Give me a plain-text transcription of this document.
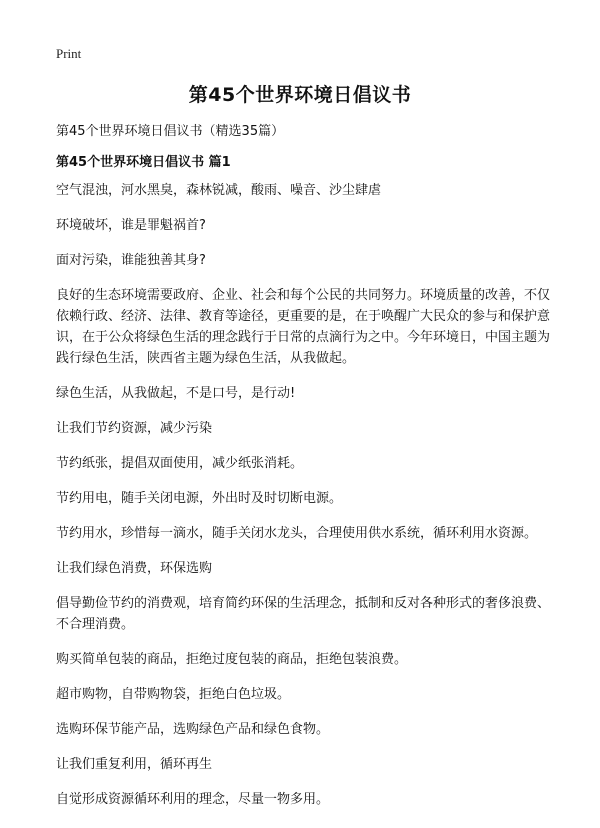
Print
第45个世界环境日倡议书

第45个世界环境日倡议书（精选35篇）

第45个世界环境日倡议书 篇1

空气混浊，河水黑臭，森林锐减，酸雨、噪音、沙尘肆虐

环境破坏，谁是罪魁祸首?

面对污染，谁能独善其身?

良好的生态环境需要政府、企业、社会和每个公民的共同努力。环境质量的改善，不仅依赖行政、经济、法律、教育等途径，更重要的是，在于唤醒广大民众的参与和保护意识，在于公众将绿色生活的理念践行于日常的点滴行为之中。今年环境日，中国主题为践行绿色生活，陕西省主题为绿色生活，从我做起。

绿色生活，从我做起，不是口号，是行动!

让我们节约资源，减少污染

节约纸张，提倡双面使用，减少纸张消耗。

节约用电，随手关闭电源，外出时及时切断电源。

节约用水，珍惜每一滴水，随手关闭水龙头，合理使用供水系统，循环利用水资源。

让我们绿色消费，环保选购

倡导勤俭节约的消费观，培育简约环保的生活理念，抵制和反对各种形式的奢侈浪费、不合理消费。

购买简单包装的商品，拒绝过度包装的商品，拒绝包装浪费。

超市购物，自带购物袋，拒绝白色垃圾。

选购环保节能产品，选购绿色产品和绿色食物。

让我们重复利用，循环再生

自觉形成资源循环利用的理念，尽量一物多用。
